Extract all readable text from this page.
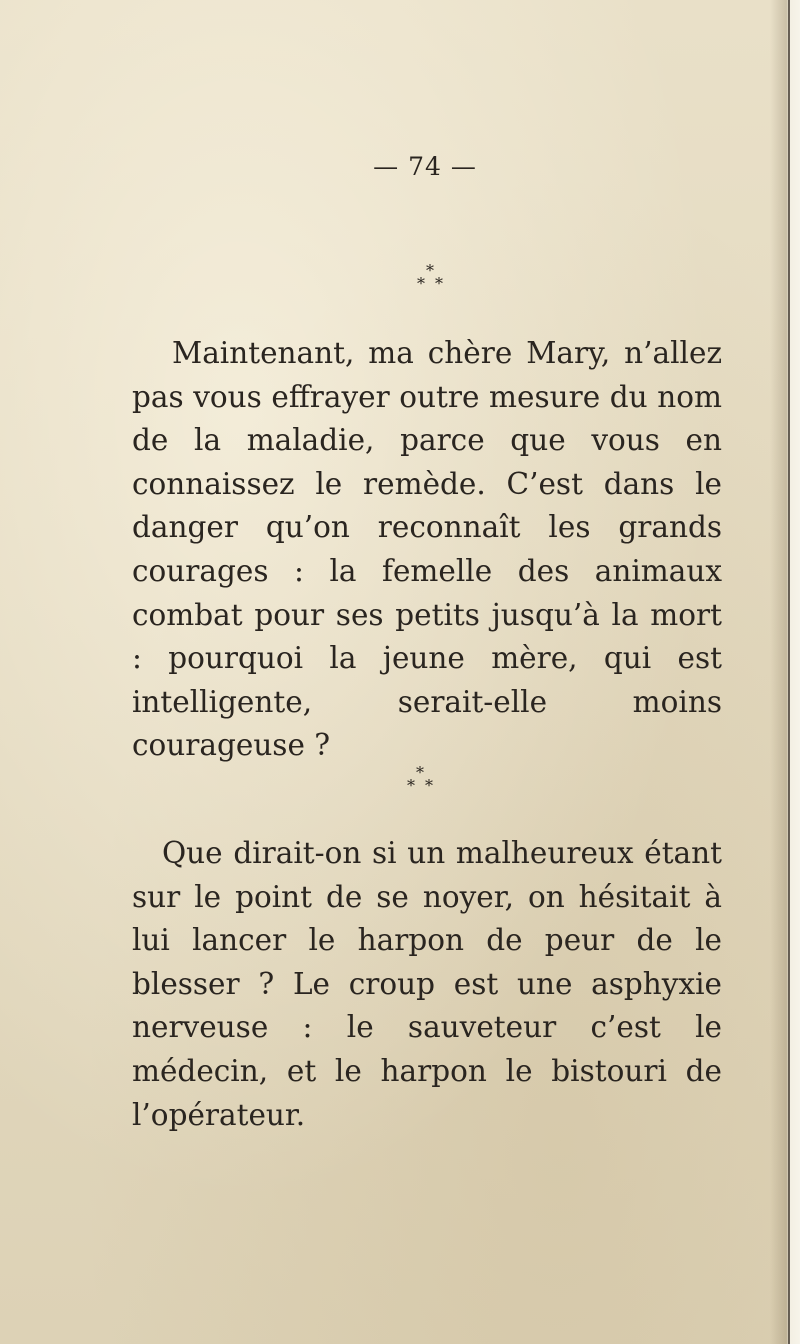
— 74 —
*
* *

Maintenant, ma chère Mary, n’allez pas vous effrayer outre mesure du nom de la maladie, parce que vous en connaissez le remède. C’est dans le danger qu’on reconnaît les grands courages : la femelle des animaux combat pour ses petits jusqu’à la mort : pourquoi la jeune mère, qui est intelligente, serait-elle moins courageuse ?

*
* *

Que dirait-on si un malheureux étant sur le point de se noyer, on hésitait à lui lancer le harpon de peur de le blesser ? Le croup est une asphyxie nerveuse : le sauveteur c’est le médecin, et le harpon le bistouri de l’opérateur.
